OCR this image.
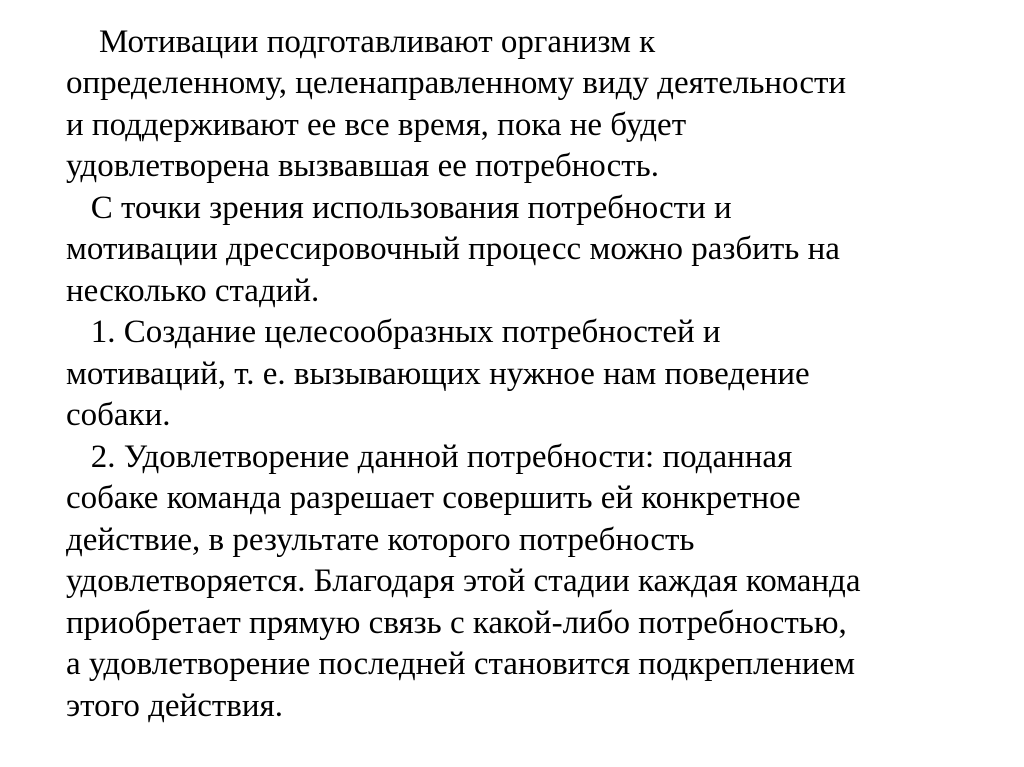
Мотивации подготавливают организм к
определенному, целенаправленному виду деятельности
и поддерживают ее все время, пока не будет
удовлетворена вызвавшая ее потребность.
С точки зрения использования потребности и
мотивации дрессировочный процесс можно разбить на
несколько стадий.
1. Создание целесообразных потребностей и
мотиваций, т. е. вызывающих нужное нам поведение
собаки.
2. Удовлетворение данной потребности: поданная
собаке команда разрешает совершить ей конкретное
действие, в результате которого потребность
удовлетворяется. Благодаря этой стадии каждая команда
приобретает прямую связь с какой-либо потребностью,
а удовлетворение последней становится подкреплением
этого действия.
